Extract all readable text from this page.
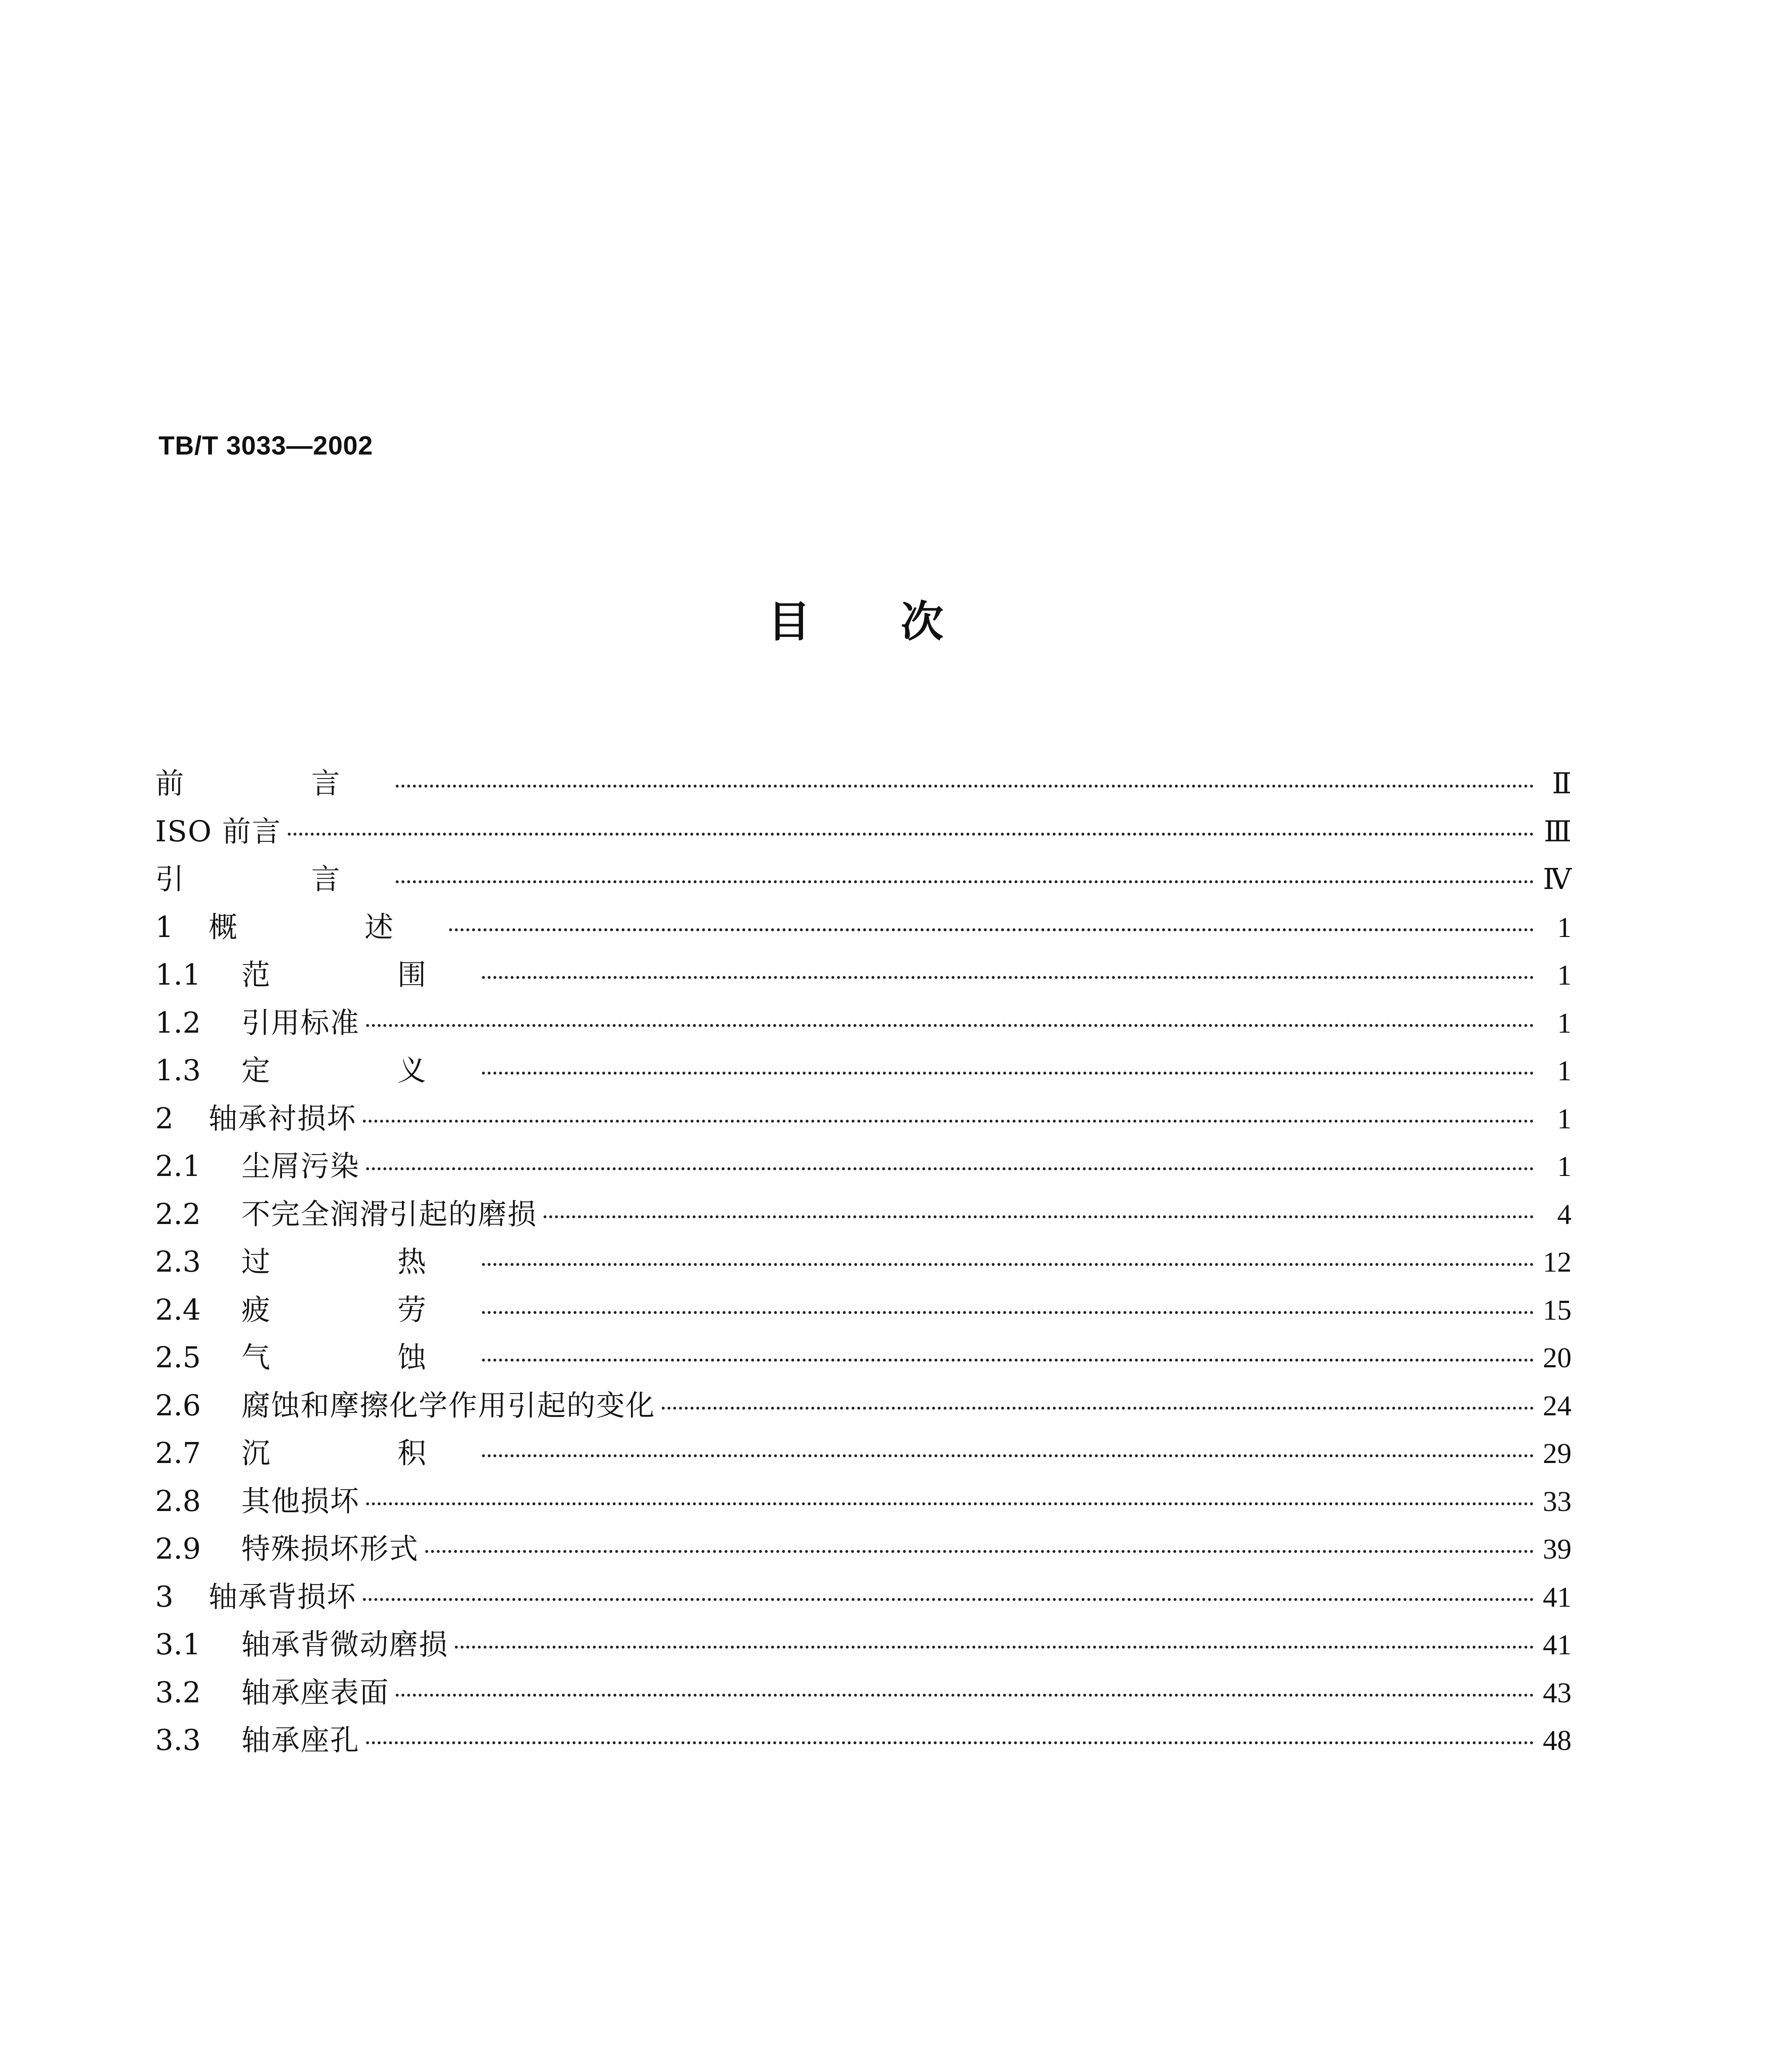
TB/T 3033—2002
目次
前　言	Ⅱ
ISO 前言	Ⅲ
引　言	Ⅳ
1	概　述	1
1.1	范　围	1
1.2	引用标准	1
1.3	定　义	1
2	轴承衬损坏	1
2.1	尘屑污染	1
2.2	不完全润滑引起的磨损	4
2.3	过　热	12
2.4	疲　劳	15
2.5	气　蚀	20
2.6	腐蚀和摩擦化学作用引起的变化	24
2.7	沉　积	29
2.8	其他损坏	33
2.9	特殊损坏形式	39
3	轴承背损坏	41
3.1	轴承背微动磨损	41
3.2	轴承座表面	43
3.3	轴承座孔	48
